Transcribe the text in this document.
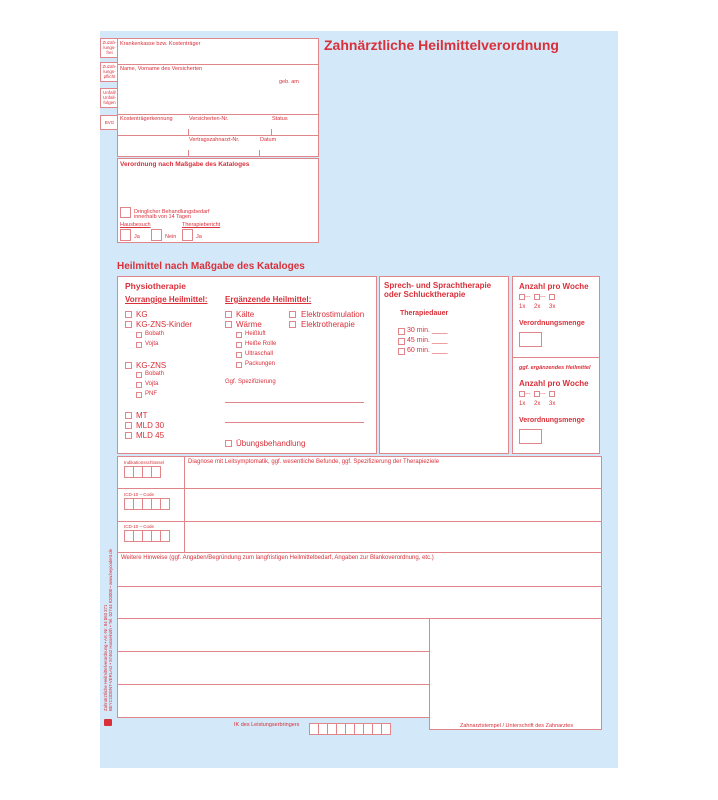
Zahnärztliche Heilmittelverordnung
Zuzah-
lungs-
frei
Zuzah-
lungs-
pflicht
Unfall/
Unfall-
folgen
BVG
Krankenkasse bzw. Kostenträger
Name, Vorname des Versicherten
geb. am
Kostenträgerkennung	Versicherten-Nr.	Status
Vertragszahnarzt-Nr.	Datum
Verordnung nach Maßgabe des Kataloges
Dringlicher Behandlungsbedarf
innerhalb von 14 Tagen
Hausbesuch	Therapiebericht
Ja	Nein	Ja
Heilmittel nach Maßgabe des Kataloges
Physiotherapie
Vorrangige Heilmittel: Ergänzende Heilmittel:
KG
KG-ZNS-Kinder
Bobath
Vojta
KG-ZNS
Bobath
Vojta
PNF
MT
MLD 30
MLD 45
Kälte
Wärme
Heißluft
Heiße Rolle
Ultraschall
Packungen
Elektrostimulation
Elektrotherapie
Ggf. Spezifizierung
Übungsbehandlung
Sprech- und Sprachtherapie
oder Schlucktherapie
Therapiedauer
30 min. ____
45 min. ____
60 min. ____
Anzahl pro Woche
--- ---
1x 2x 3x
Verordnungsmenge
ggf. ergänzendes Heilmittel
Anzahl pro Woche
--- ---
1x 2x 3x
Verordnungsmenge
Indikationsschlüssel	Diagnose mit Leitsymptomatik, ggf. wesentliche Befunde, ggf. Spezifizierung der Therapieziele
ICD-10 – Code
ICD-10 – Code
Weitere Hinweise (ggf. Angaben/Begründung zum langfristigen Heilmittelbedarf, Angaben zur Blankoverordnung, etc.)
Zahnarztstempel / Unterschrift des Zahnarztes
IK des Leistungserbringers
Zahnärztliche Heilmittelverordnung • Art.-Nr. 84 063 371 BEYCODENT-VERLAG • 57462 Hasselroth • Tel. 02744 920000 • www.beycodent.de
